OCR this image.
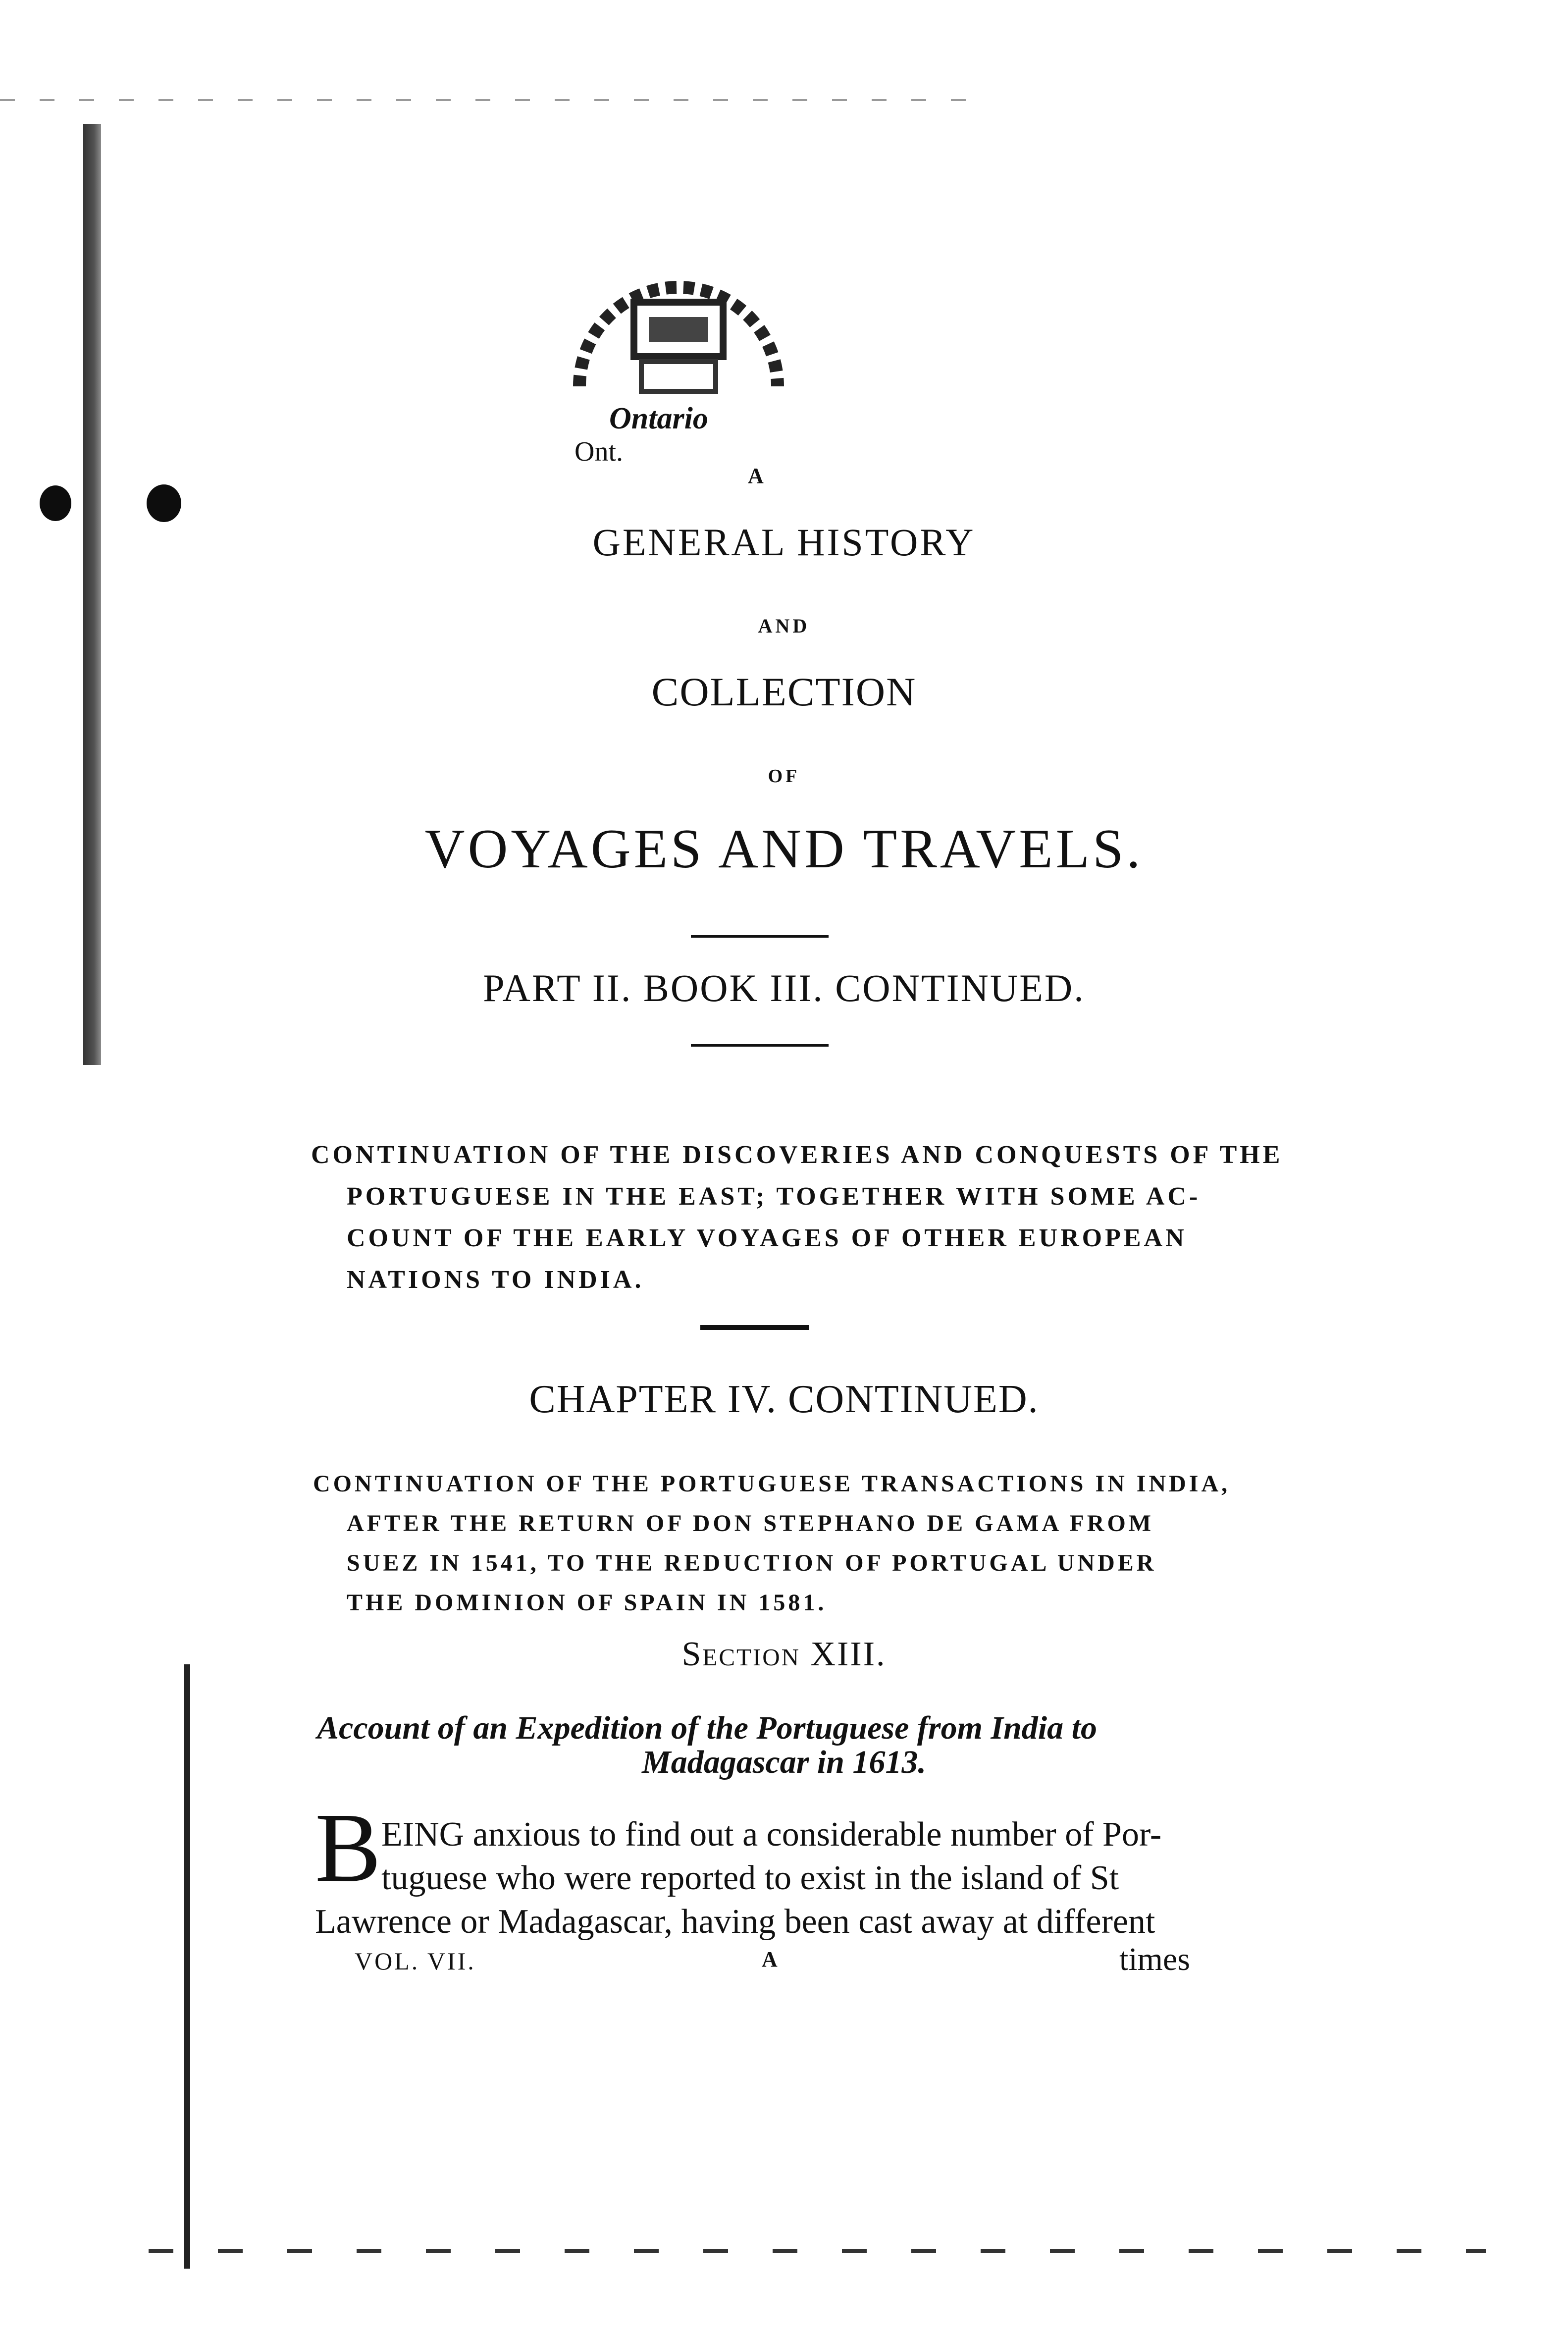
Ontario
Ont.
A
GENERAL HISTORY
AND
COLLECTION
OF
VOYAGES AND TRAVELS.
PART II. BOOK III. CONTINUED.
CONTINUATION OF THE DISCOVERIES AND CONQUESTS OF THE
PORTUGUESE IN THE EAST; TOGETHER WITH SOME AC-
COUNT OF THE EARLY VOYAGES OF OTHER EUROPEAN
NATIONS TO INDIA.
CHAPTER IV. CONTINUED.
CONTINUATION OF THE PORTUGUESE TRANSACTIONS IN INDIA,
AFTER THE RETURN OF DON STEPHANO DE GAMA FROM
SUEZ IN 1541, TO THE REDUCTION OF PORTUGAL UNDER
THE DOMINION OF SPAIN IN 1581.
Section XIII.
Account of an Expedition of the Portuguese from India to
Madagascar in 1613.
B EING anxious to find out a considerable number of Por-
tuguese who were reported to exist in the island of St
Lawrence or Madagascar, having been cast away at different
VOL. VII.	A	times
